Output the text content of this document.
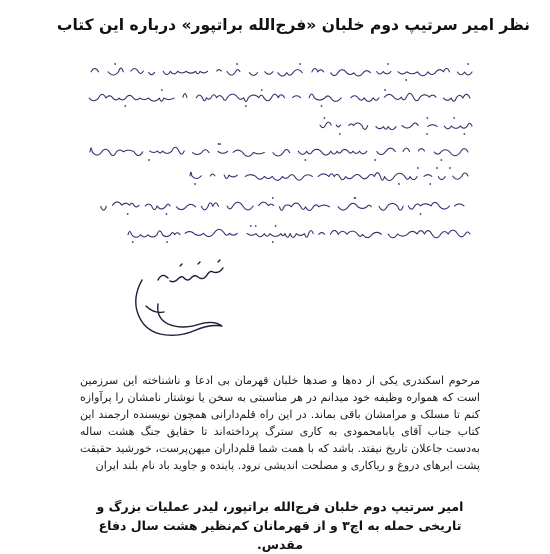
نظر امیر سرتیپ دوم خلبان «فرج‌الله براتپور» درباره این کتاب
مرحوم اسکندری یکی از ده‌ها و صدها خلبان قهرمان بی ادعا و ناشناخته این سرزمین است که همواره وظیفه خود میدانم در هر مناسبتی به سخن یا نوشتار نامشان را پرآوازه کنم تا مسلک و مرامشان باقی بماند. در این راه قلم‌دارانی همچون نویسنده ارجمند این کتاب جناب آقای بابامحمودی به کاری سترگ پرداخته‌اند تا حقایق جنگ هشت ساله به‌دست جاعلان تاریخ نیفتد. باشد که با همت شما قلم‌داران میهن‌پرست، خورشید حقیقت پشت ابرهای دروغ و ریاکاری و مصلحت اندیشی نرود. پاینده و جاوید باد نام بلند ایران
امیر سرتیپ دوم خلبان فرج‌الله براتپور، لیدر عملیات بزرگ و تاریخی حمله به اچ۳ و از قهرمانان کم‌نظیر هشت سال دفاع مقدس.
